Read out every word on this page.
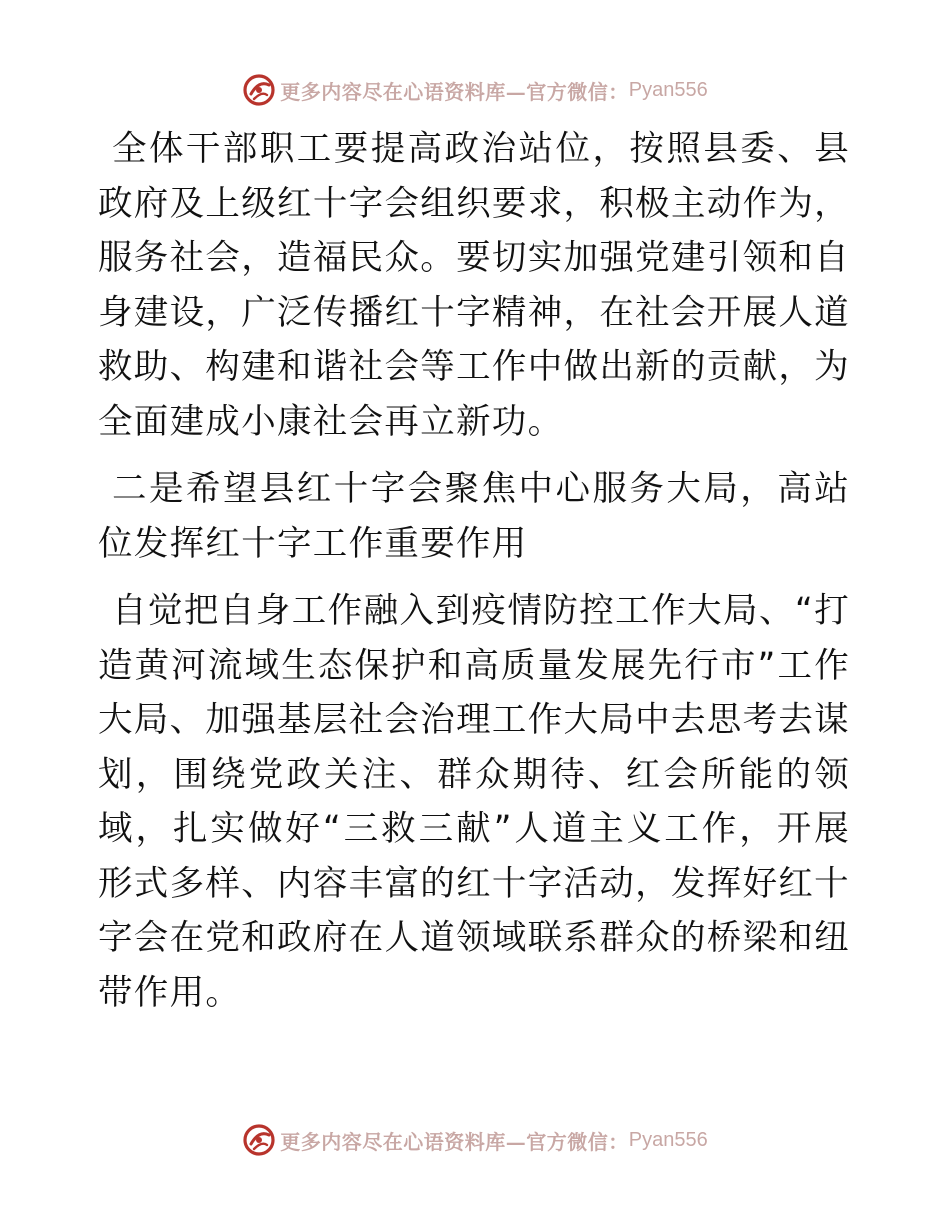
更多内容尽在心语资料库—官方微信： Pyan556

全体干部职工要提高政治站位，按照县委、县政府及上级红十字会组织要求，积极主动作为，服务社会，造福民众。要切实加强党建引领和自身建设，广泛传播红十字精神，在社会开展人道救助、构建和谐社会等工作中做出新的贡献，为全面建成小康社会再立新功。

二是希望县红十字会聚焦中心服务大局，高站位发挥红十字工作重要作用

自觉把自身工作融入到疫情防控工作大局、“打造黄河流域生态保护和高质量发展先行市”工作大局、加强基层社会治理工作大局中去思考去谋划，围绕党政关注、群众期待、红会所能的领域，扎实做好“三救三献”人道主义工作，开展形式多样、内容丰富的红十字活动，发挥好红十字会在党和政府在人道领域联系群众的桥梁和纽带作用。

更多内容尽在心语资料库—官方微信： Pyan556
